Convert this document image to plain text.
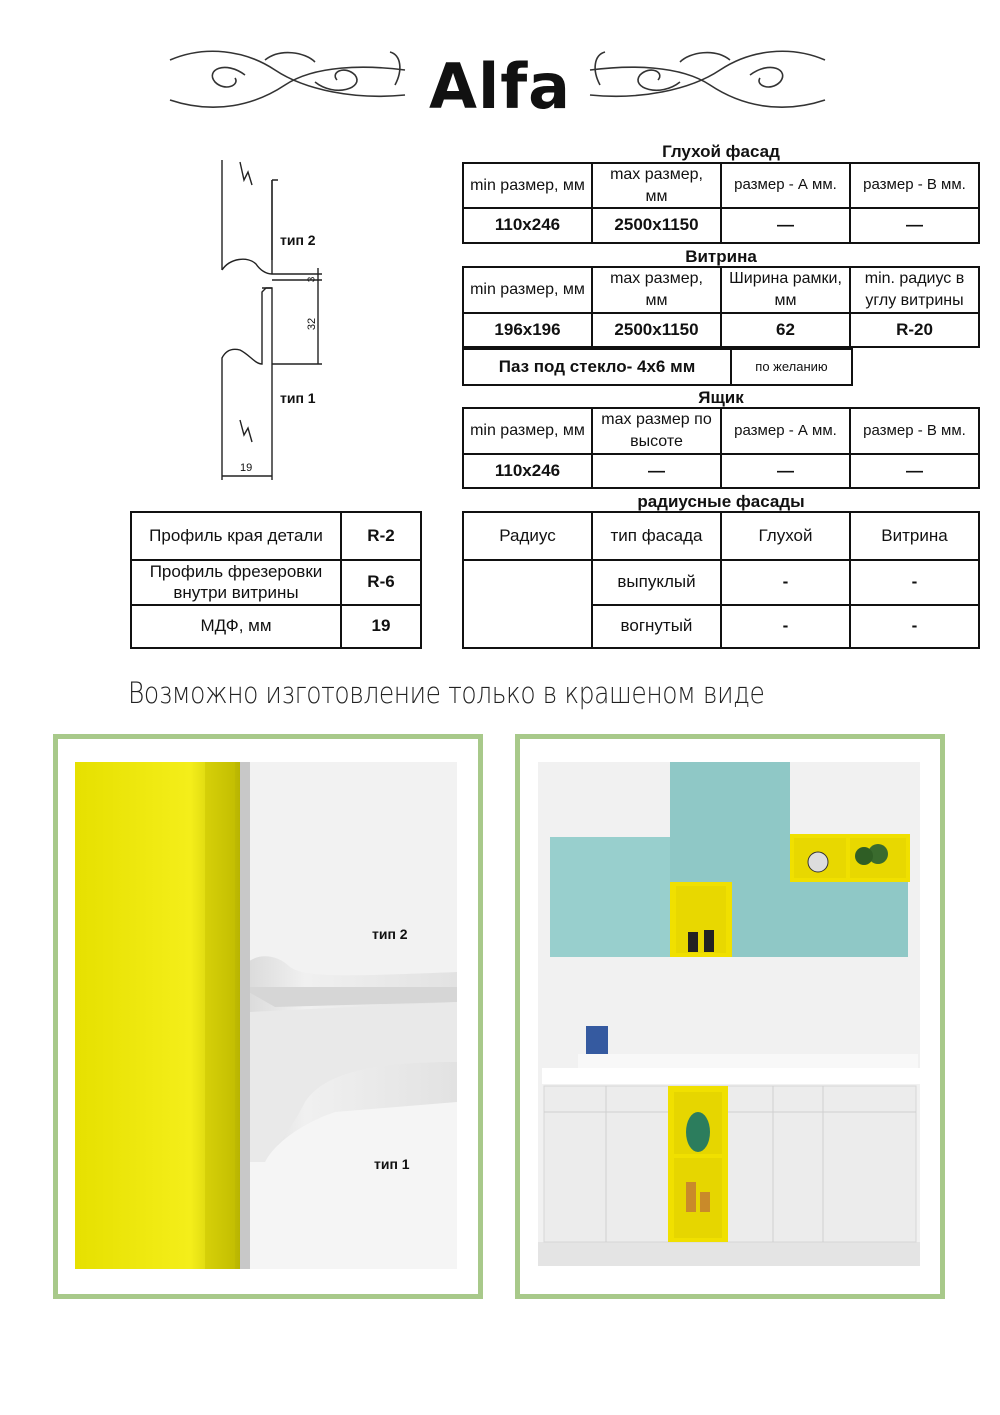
Alfa
тип 2
тип 1
3
32
19
Глухой фасад
min размер, мм	max размер, мм	размер - А мм.	размер - В мм.
110x246	2500x1150	—	—
Витрина
min размер, мм	max размер, мм	Ширина рамки, мм	min. радиус в углу витрины
196x196	2500x1150	62	R-20
Паз под стекло- 4х6 мм	по желанию
Ящик
min размер, мм	max размер по высоте	размер - А мм.	размер - В мм.
110x246	—	—	—
радиусные фасады
Радиус	тип фасада	Глухой	Витрина
	выпуклый	-	-
	вогнутый	-	-
Профиль края детали	R-2
Профиль фрезеровки внутри витрины	R-6
МДФ, мм	19
Возможно изготовление только в крашеном виде
тип 2
тип 1
